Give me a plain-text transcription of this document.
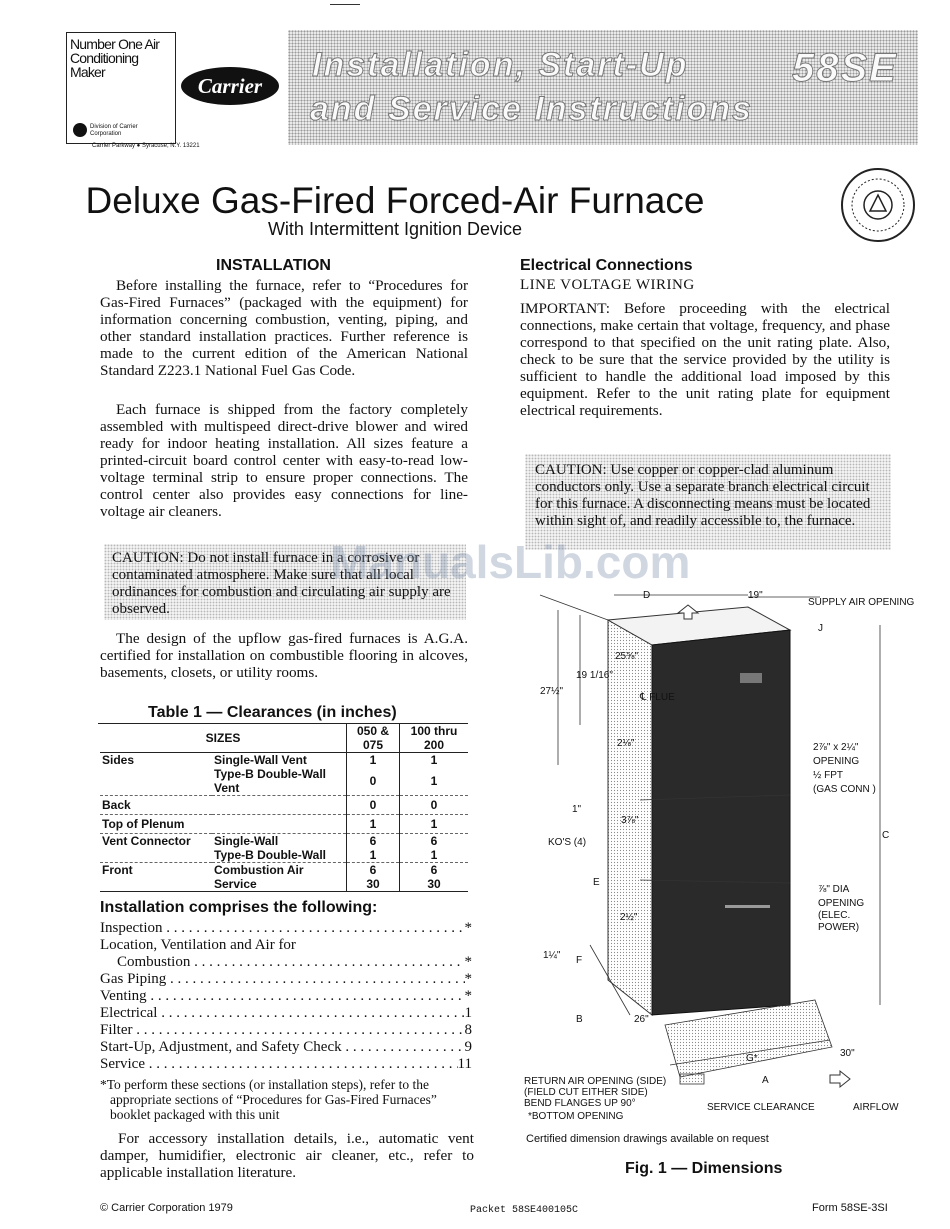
Number One Air Conditioning Maker
Carrier
Division of Carrier Corporation
Carrier Parkway ● Syracuse, N.Y. 13221
Installation, Start-Up
and Service Instructions
58SE
Deluxe Gas-Fired Forced-Air Furnace
With Intermittent Ignition Device
INSTALLATION
Before installing the furnace, refer to “Procedures for Gas-Fired Furnaces” (packaged with the equipment) for information concerning combustion, venting, piping, and other standard installation practices. Further reference is made to the current edition of the American National Standard Z223.1 National Fuel Gas Code.
Each furnace is shipped from the factory completely assembled with multispeed direct-drive blower and wired ready for indoor heating installation. All sizes feature a printed-circuit board control center with easy-to-read low-voltage terminal strip to ensure proper connections. The control center also provides easy connections for line-voltage air cleaners.
CAUTION: Do not install furnace in a corrosive or contaminated atmosphere. Make sure that all local ordinances for combustion and circulating air supply are observed.
The design of the upflow gas-fired furnaces is A.G.A. certified for installation on combustible flooring in alcoves, basements, closets, or utility rooms.
Table 1 — Clearances (in inches)
SIZES		050 & 075	100 thru 200
Sides	Single-Wall Vent	1	1
	Type-B Double-Wall Vent	0	1
Back		0	0
Top of Plenum		1	1
Vent Connector	Single-Wall	6	6
	Type-B Double-Wall	1	1
Front	Combustion Air	6	6
	Service	30	30
Installation comprises the following:
Inspection . . .	*
Location, Ventilation and Air for
Combustion . . .	*
Gas Piping . . .	*
Venting . . .	*
Electrical . . .	1
Filter . . .	8
Start-Up, Adjustment, and Safety Check . . .	9
Service . . .	11
*To perform these sections (or installation steps), refer to the appropriate sections of “Procedures for Gas-Fired Furnaces” booklet packaged with this unit
For accessory installation details, i.e., automatic vent damper, humidifier, electronic air cleaner, etc., refer to applicable installation literature.
Electrical Connections
LINE VOLTAGE WIRING
IMPORTANT: Before proceeding with the electrical connections, make certain that voltage, frequency, and phase correspond to that specified on the unit rating plate. Also, check to be sure that the service provided by the utility is sufficient to handle the additional load imposed by this equipment. Refer to the unit rating plate for equipment electrical requirements.
CAUTION: Use copper or copper-clad aluminum conductors only. Use a separate branch electrical circuit for this furnace. A disconnecting means must be located within sight of, and readily accessible to, the furnace.
SUPPLY AIR OPENING
D	19"
J
25⅝"
19 1/16"
27½"
℄ FLUE
2⅛"	2⅞" x 2¼"
OPENING
½ FPT
(GAS CONN )
C
1"
3⅞"
KO'S (4)
E
⅞" DIA
OPENING
(ELEC.
POWER)
2½"
1¼" F
B	26"
G*
A
30"
RETURN AIR OPENING (SIDE)
(FIELD CUT EITHER SIDE)
BEND FLANGES UP 90°
*BOTTOM OPENING
SERVICE CLEARANCE	AIRFLOW
Certified dimension drawings available on request
Fig. 1 — Dimensions
© Carrier Corporation 1979	Packet 58SE400105C	Form 58SE-3SI
ManualsLib.com
